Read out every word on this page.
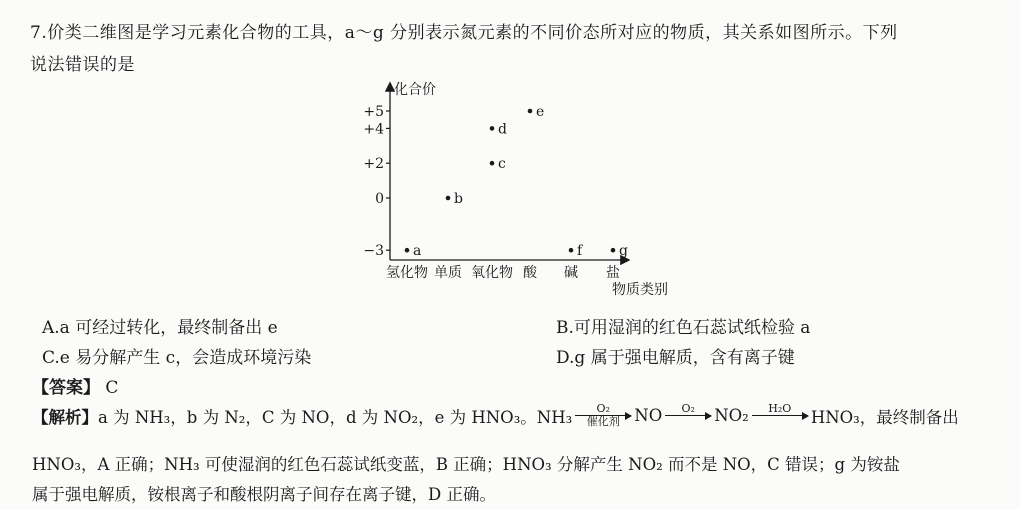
7.价类二维图是学习元素化合物的工具，a～g 分别表示氮元素的不同价态所对应的物质，其关系如图所示。下列
说法错误的是
化合价
物质类别
+5
+4
+2
0
−3
氢化物 单质 氧化物 酸 碱 盐
a
b
c
d
e
f	g
A.a 可经过转化，最终制备出 e	B.可用湿润的红色石蕊试纸检验 a
C.e 易分解产生 c，会造成环境污染	D.g 属于强电解质，含有离子键
【答案】 C
【解析】 a 为 NH₃，b 为 N₂，C 为 NO，d 为 NO₂，e 为 HNO₃。NH₃ O₂
催化剂 NO O₂ NO₂ H₂O HNO₃，最终制备出
HNO₃，A 正确；NH₃ 可使湿润的红色石蕊试纸变蓝，B 正确；HNO₃ 分解产生 NO₂ 而不是 NO，C 错误；g 为铵盐
属于强电解质，铵根离子和酸根阴离子间存在离子键，D 正确。
